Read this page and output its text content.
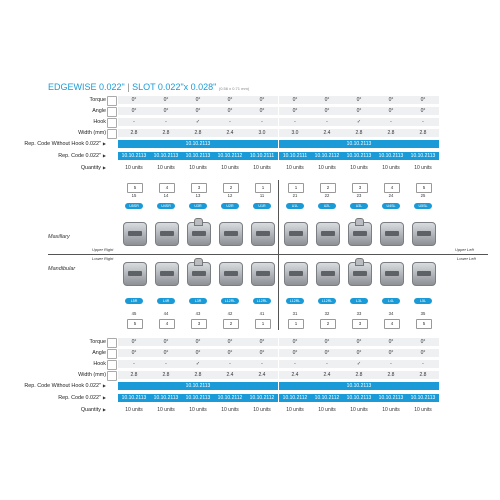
EDGEWISE 0.022" | SLOT 0.022"x 0.028" (0.56 x 0.71 mm)
Torque	0°	0°	0°	0°	0°	0°	0°	0°	0°	0°
Angle	0°	0°	0°	0°	0°	0°	0°	0°	0°	0°
Hook	-	-	✓	-	-	-	-	✓	-	-
Width (mm)	2.8	2.8	2.8	2.4	3.0	3.0	2.4	2.8	2.8	2.8
Rep. Code Without Hook 0.022" ▶	10.10.2113	10.10.2113
Rep. Code 0.022" ▶	10.10.2113	10.10.2113	10.10.2113	10.10.2112	10.10.2111	10.10.2111	10.10.2112	10.10.2113	10.10.2113	10.10.2113
Quantity ▶	10 units	10 units	10 units	10 units	10 units	10 units	10 units	10 units	10 units	10 units
5	4	3	2	1	1	2	3	4	5
15	14	13	12	11	21	22	23	24	25
U5SR	U4SR	U3R	U2R	U1R	U1L	U2L	U3L	U4SL	U5SL
L5R	L4R	L3R	L12RL	L12RL	L12RL	L12RL	L3L	L4L	L5L
45	44	43	42	41	31	32	33	34	35
5	4	3	2	1	1	2	3	4	5
Maxillary
Mandibular
Upper Right	Upper Left
Lower Right	Lower Left
Torque	0°	0°	0°	0°	0°	0°	0°	0°	0°	0°
Angle	0°	0°	0°	0°	0°	0°	0°	0°	0°	0°
Hook	-	-	✓	-	-	-	-	✓	-	-
Width (mm)	2.8	2.8	2.8	2.4	2.4	2.4	2.4	2.8	2.8	2.8
Rep. Code Without Hook 0.022" ▶	10.10.2113	10.10.2113
Rep. Code 0.022" ▶	10.10.2113	10.10.2113	10.10.2113	10.10.2112	10.10.2112	10.10.2112	10.10.2112	10.10.2113	10.10.2113	10.10.2113
Quantity ▶	10 units	10 units	10 units	10 units	10 units	10 units	10 units	10 units	10 units	10 units
